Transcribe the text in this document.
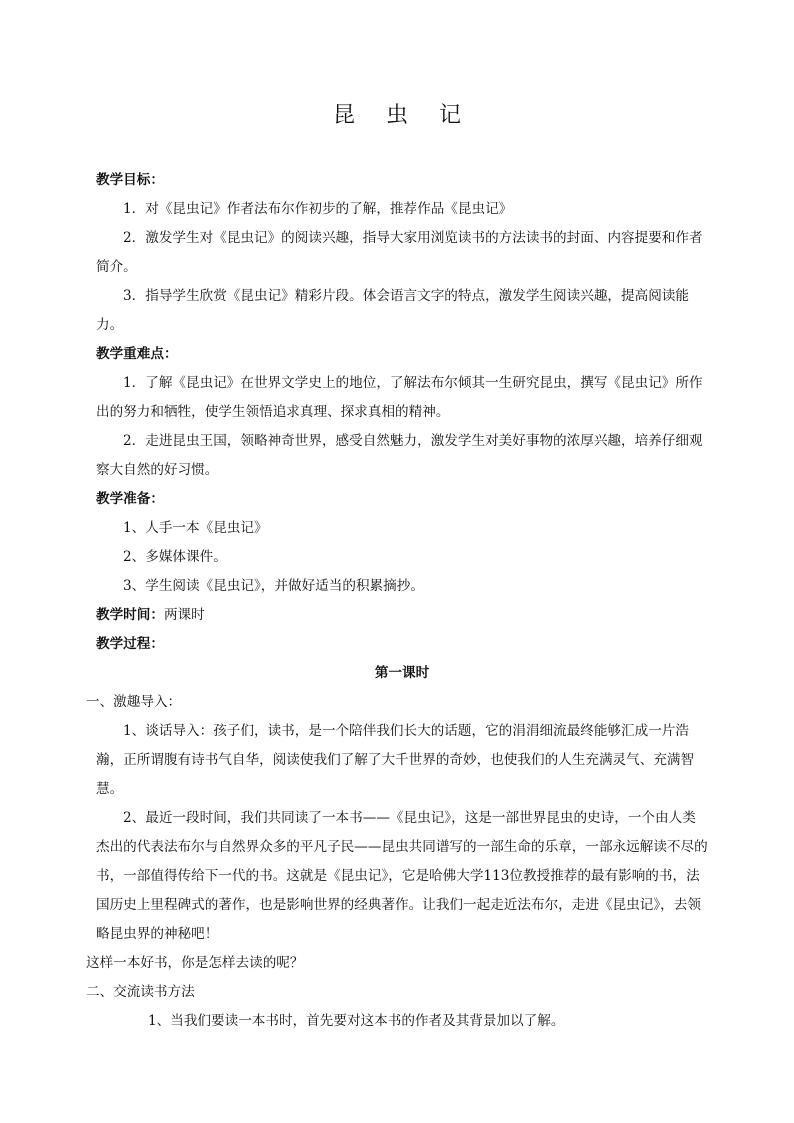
昆 虫 记

教学目标：

1．对《昆虫记》作者法布尔作初步的了解，推荐作品《昆虫记》

2．激发学生对《昆虫记》的阅读兴趣，指导大家用浏览读书的方法读书的封面、内容提要和作者简介。

3．指导学生欣赏《昆虫记》精彩片段。体会语言文字的特点，激发学生阅读兴趣，提高阅读能力。

教学重难点：

1．了解《昆虫记》在世界文学史上的地位，了解法布尔倾其一生研究昆虫，撰写《昆虫记》所作出的努力和牺牲，使学生领悟追求真理、探求真相的精神。

2．走进昆虫王国，领略神奇世界，感受自然魅力，激发学生对美好事物的浓厚兴趣，培养仔细观察大自然的好习惯。

教学准备：

1、人手一本《昆虫记》

2、多媒体课件。

3、学生阅读《昆虫记》，并做好适当的积累摘抄。

教学时间：两课时

教学过程：

第一课时

一、激趣导入：

1、谈话导入：孩子们，读书，是一个陪伴我们长大的话题，它的涓涓细流最终能够汇成一片浩瀚，正所谓腹有诗书气自华，阅读使我们了解了大千世界的奇妙，也使我们的人生充满灵气、充满智慧。

2、最近一段时间，我们共同读了一本书——《昆虫记》，这是一部世界昆虫的史诗，一个由人类杰出的代表法布尔与自然界众多的平凡子民——昆虫共同谱写的一部生命的乐章，一部永远解读不尽的书，一部值得传给下一代的书。这就是《昆虫记》，它是哈佛大学113位教授推荐的最有影响的书，法国历史上里程碑式的著作，也是影响世界的经典著作。让我们一起走近法布尔，走进《昆虫记》，去领略昆虫界的神秘吧！

这样一本好书，你是怎样去读的呢？

二、交流读书方法

1、当我们要读一本书时，首先要对这本书的作者及其背景加以了解。
